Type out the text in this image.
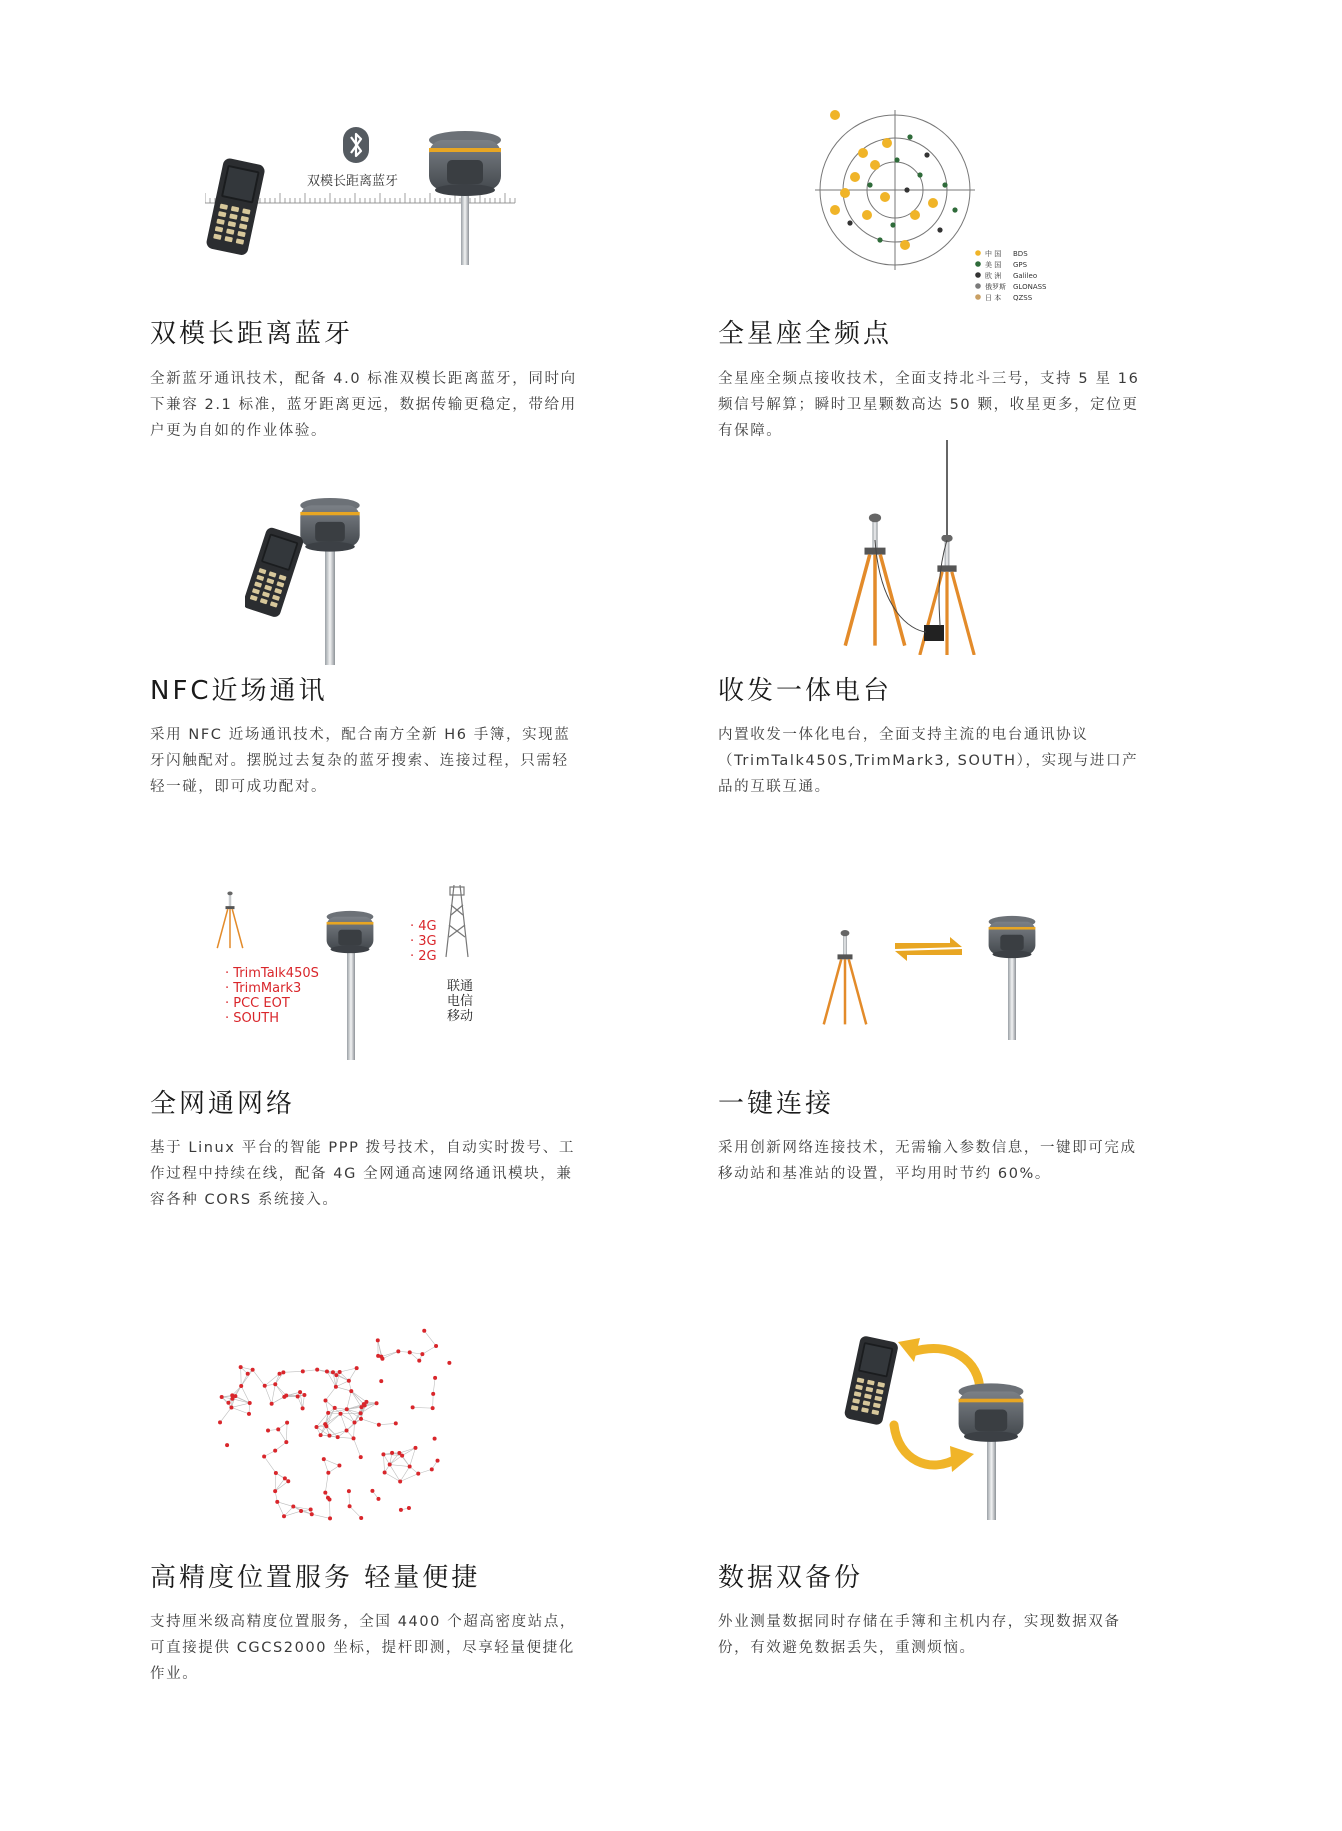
双模长距离蓝牙
双模长距离蓝牙
全新蓝牙通讯技术，配备 4.0 标准双模长距离蓝牙，同时向下兼容 2.1 标准，蓝牙距离更远，数据传输更稳定，带给用户更为自如的作业体验。
中 国 BDS
美 国 GPS
欧 洲 Galileo
俄罗斯 GLONASS
日 本 QZSS
全星座全频点
全星座全频点接收技术，全面支持北斗三号，支持 5 星 16 频信号解算；瞬时卫星颗数高达 50 颗，收星更多，定位更有保障。
NFC近场通讯
采用 NFC 近场通讯技术，配合南方全新 H6 手簿，实现蓝牙闪触配对。摆脱过去复杂的蓝牙搜索、连接过程，只需轻轻一碰，即可成功配对。
收发一体电台
内置收发一体化电台，全面支持主流的电台通讯协议（TrimTalk450S,TrimMark3, SOUTH），实现与进口产品的互联互通。
· TrimTalk450S
· TrimMark3
· PCC EOT
· SOUTH
· 4G
· 3G
· 2G
联通
电信
移动
全网通网络
基于 Linux 平台的智能 PPP 拨号技术，自动实时拨号、工作过程中持续在线，配备 4G 全网通高速网络通讯模块，兼容各种 CORS 系统接入。
一键连接
采用创新网络连接技术，无需输入参数信息，一键即可完成移动站和基准站的设置，平均用时节约 60%。
高精度位置服务 轻量便捷
支持厘米级高精度位置服务，全国 4400 个超高密度站点，可直接提供 CGCS2000 坐标，提杆即测，尽享轻量便捷化作业。
数据双备份
外业测量数据同时存储在手簿和主机内存，实现数据双备份，有效避免数据丢失，重测烦恼。
